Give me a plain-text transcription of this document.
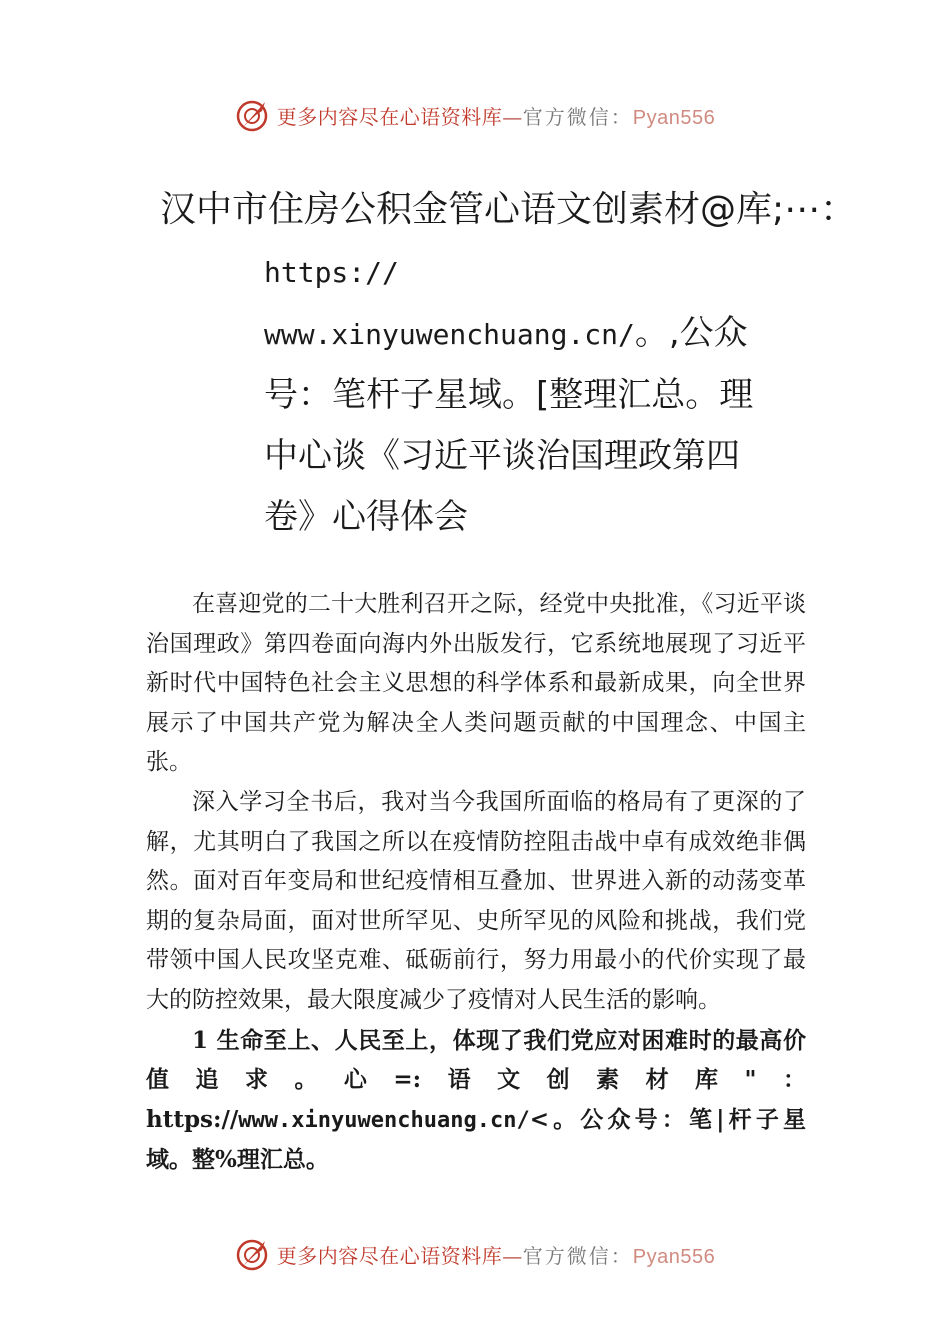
更多内容尽在心语资料库—官方微信：Pyan556
汉中市住房公积金管心语文创素材@库;⋯：
https://
www.xinyuwenchuang.cn/。,公众
号：笔杆子星域。[整理汇总。理
中心谈《习近平谈治国理政第四
卷》心得体会

在喜迎党的二十大胜利召开之际，经党中央批准，《习近平谈治国理政》第四卷面向海内外出版发行，它系统地展现了习近平新时代中国特色社会主义思想的科学体系和最新成果，向全世界展示了中国共产党为解决全人类问题贡献的中国理念、中国主张。

深入学习全书后，我对当今我国所面临的格局有了更深的了解，尤其明白了我国之所以在疫情防控阻击战中卓有成效绝非偶然。面对百年变局和世纪疫情相互叠加、世界进入新的动荡变革期的复杂局面，面对世所罕见、史所罕见的风险和挑战，我们党带领中国人民攻坚克难、砥砺前行，努力用最小的代价实现了最大的防控效果，最大限度减少了疫情对人民生活的影响。

1 生命至上、人民至上，体现了我们党应对困难时的最高价值追求。心=:语文创素材库"：https://www.xinyuwenchuang.cn/<。公众号：笔|杆子星域。整%理汇总。

更多内容尽在心语资料库—官方微信：Pyan556
